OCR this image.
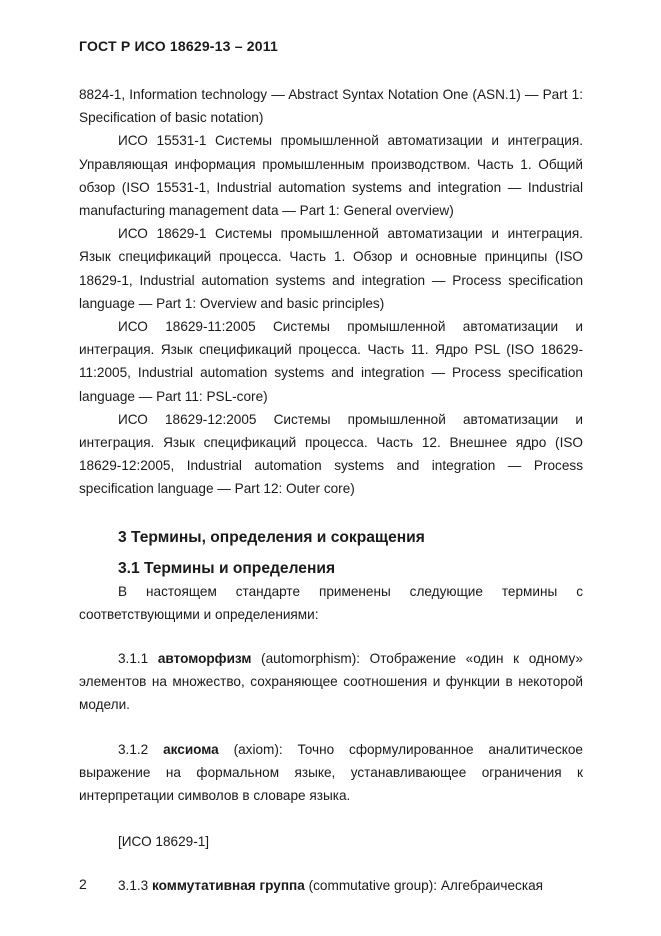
ГОСТ Р ИСО 18629-13 – 2011

8824-1, Information technology — Abstract Syntax Notation One (ASN.1) — Part 1: Specification of basic notation)

ИСО 15531-1 Системы промышленной автоматизации и интеграция. Управляющая информация промышленным производством. Часть 1. Общий обзор (ISO 15531-1, Industrial automation systems and integration — Industrial manufacturing management data — Part 1: General overview)

ИСО 18629-1 Системы промышленной автоматизации и интеграция. Язык спецификаций процесса. Часть 1. Обзор и основные принципы (ISO 18629-1, Industrial automation systems and integration — Process specification language — Part 1: Overview and basic principles)

ИСО 18629-11:2005 Системы промышленной автоматизации и интеграция. Язык спецификаций процесса. Часть 11. Ядро PSL (ISO 18629-11:2005, Industrial automation systems and integration — Process specification language — Part 11: PSL-core)

ИСО 18629-12:2005 Системы промышленной автоматизации и интеграция. Язык спецификаций процесса. Часть 12. Внешнее ядро (ISO 18629-12:2005, Industrial automation systems and integration — Process specification language — Part 12: Outer core)

3 Термины, определения и сокращения
3.1 Термины и определения

В настоящем стандарте применены следующие термины с соответствующими и определениями:

3.1.1 автоморфизм (automorphism): Отображение «один к одному» элементов на множество, сохраняющее соотношения и функции в некоторой модели.

3.1.2 аксиома (axiom): Точно сформулированное аналитическое выражение на формальном языке, устанавливающее ограничения к интерпретации символов в словаре языка.

[ИСО 18629-1]

3.1.3 коммутативная группа (commutative group): Алгебраическая

2
